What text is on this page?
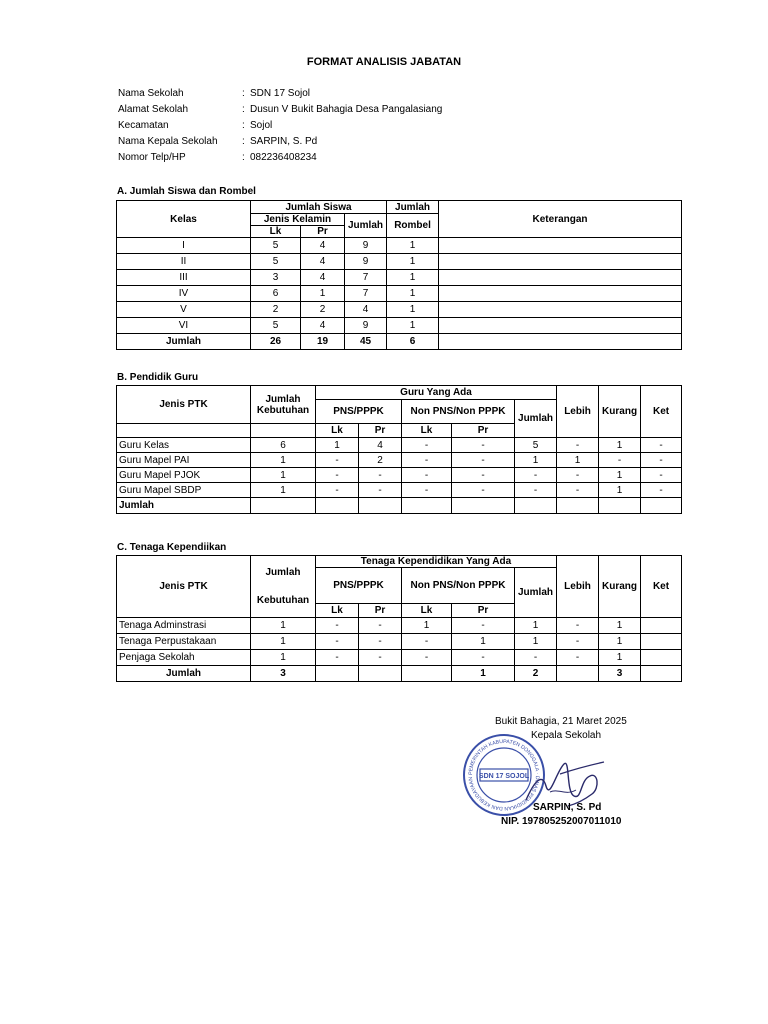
FORMAT ANALISIS JABATAN
Nama Sekolah	:	SDN 17 Sojol
Alamat Sekolah	:	Dusun V Bukit Bahagia Desa Pangalasiang
Kecamatan	:	Sojol
Nama Kepala Sekolah	:	SARPIN, S. Pd
Nomor Telp/HP	:	082236408234
A. Jumlah Siswa dan Rombel
Kelas	Jumlah Siswa			Jumlah	Keterangan
	Jenis Kelamin		Jumlah	Rombel	
	Lk	Pr			
I	5	4	9	1	
II	5	4	9	1	
III	3	4	7	1	
IV	6	1	7	1	
V	2	2	4	1	
VI	5	4	9	1	
Jumlah	26	19	45	6	
B. Pendidik Guru
Jenis PTK	Jumlah
Kebutuhan	Guru Yang Ada					Lebih	Kurang	Ket
		PNS/PPPK		Non PNS/Non PPPK		Jumlah			
		Lk	Pr	Lk	Pr				
Guru Kelas	6	1	4	-	-	5	-	1	-
Guru Mapel PAI	1	-	2	-	-	1	1	-	-
Guru Mapel PJOK	1	-	-	-	-	-	-	1	-
Guru Mapel SBDP	1	-	-	-	-	-	-	1	-
Jumlah									
C. Tenaga Kependiikan
Jenis PTK	Jumlah
Kebutuhan	Tenaga Kependidikan Yang Ada					Lebih	Kurang	Ket
		PNS/PPPK		Non PNS/Non PPPK		Jumlah			
		Lk	Pr	Lk	Pr				
Tenaga Adminstrasi	1	-	-	1	-	1	-	1	
Tenaga Perpustakaan	1	-	-	-	1	1	-	1	
Penjaga Sekolah	1	-	-	-	-	-	-	1	
Jumlah	3				1	2		3	
Bukit Bahagia, 21 Maret 2025
Kepala Sekolah
PEMERINTAH KABUPATEN DONGGALA · DINAS PENDIDIKAN DAN KEBUDAYAAN SDN 17 SOJOL
SARPIN, S. Pd
NIP. 197805252007011010
